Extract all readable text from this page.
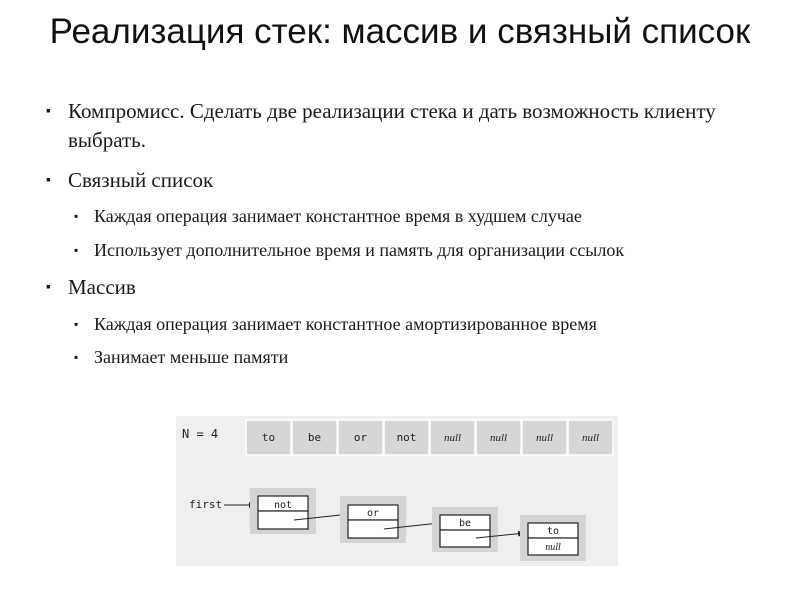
Реализация стек: массив и связный список
▪ Компромисс. Сделать две реализации стека и дать возможность клиенту выбрать.
▪ Связный список
▪ Каждая операция занимает константное время в худшем случае
▪ Использует дополнительное время и память для организации ссылок
▪ Массив
▪ Каждая операция занимает константное амортизированное время
▪ Занимает меньше памяти
N = 4	to	be	or	not	null	null	null	null
first	not
or
be
to
null
